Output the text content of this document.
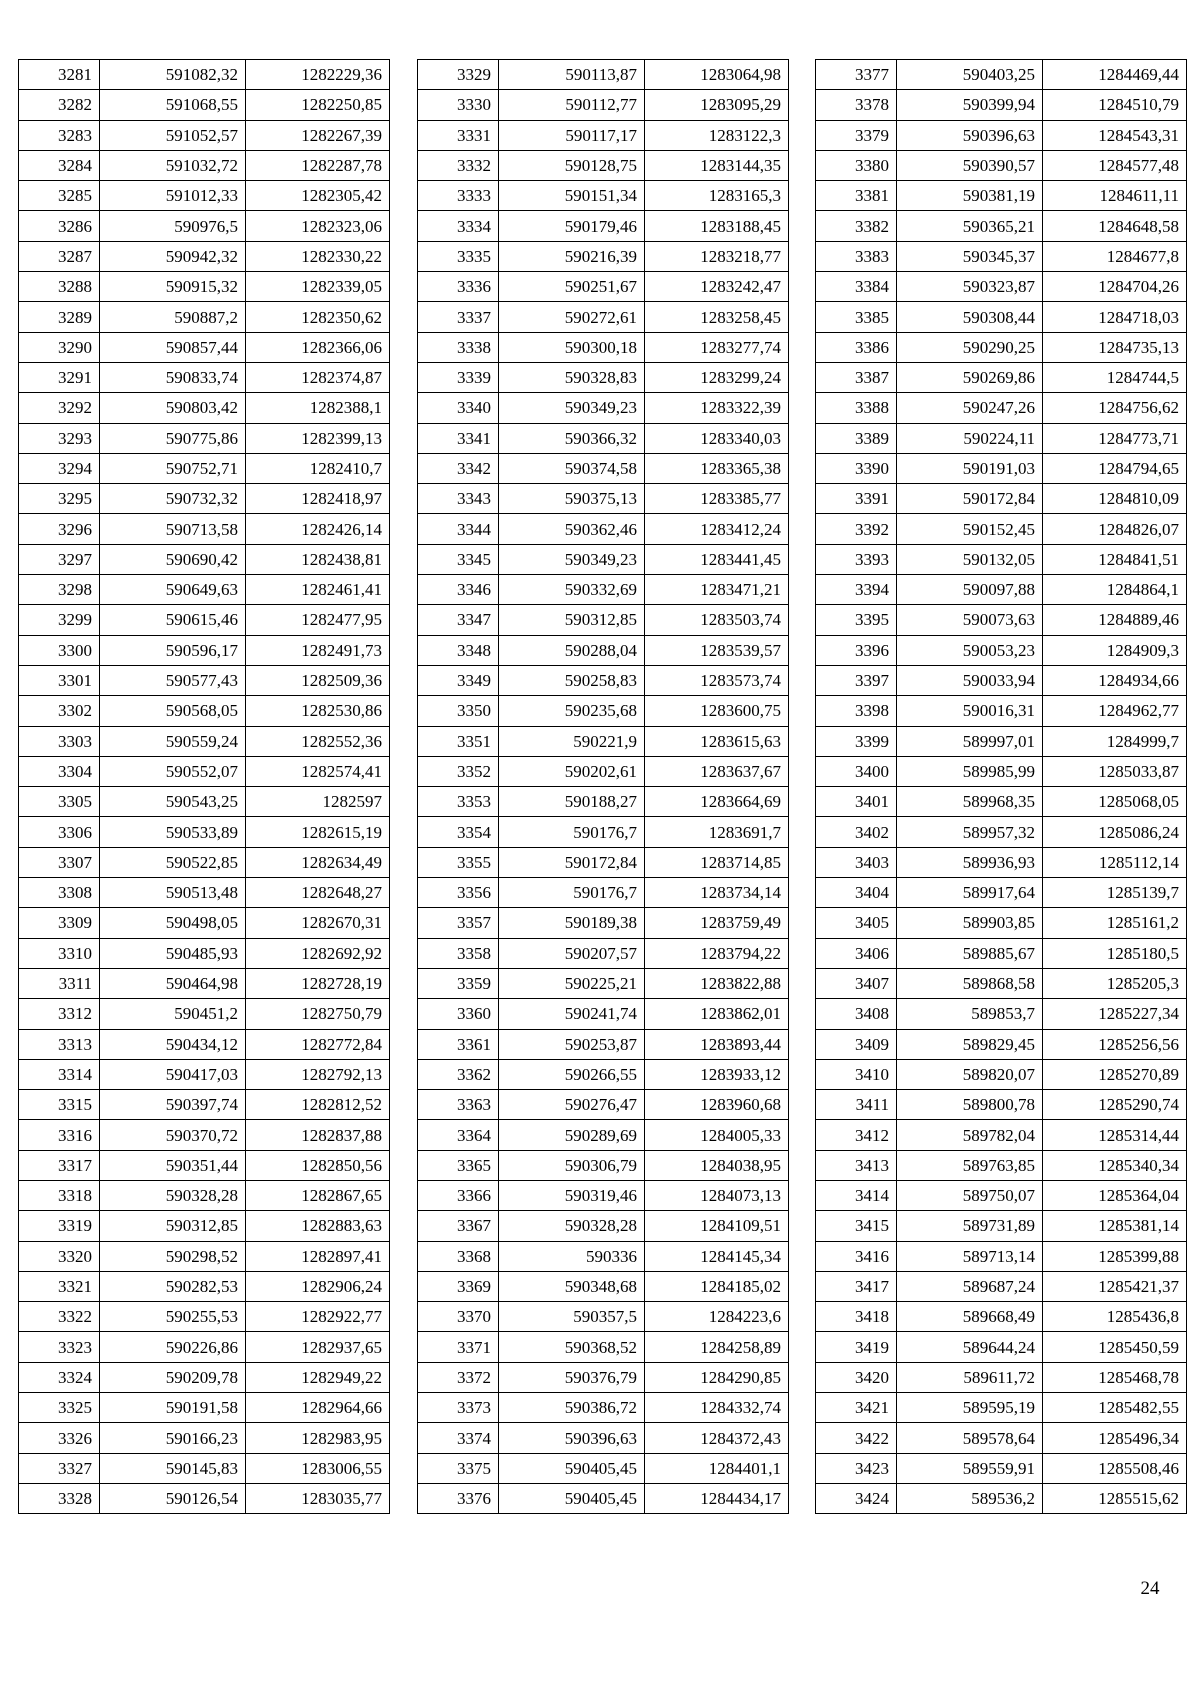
3281	591082,32	1282229,36
3282	591068,55	1282250,85
3283	591052,57	1282267,39
3284	591032,72	1282287,78
3285	591012,33	1282305,42
3286	590976,5	1282323,06
3287	590942,32	1282330,22
3288	590915,32	1282339,05
3289	590887,2	1282350,62
3290	590857,44	1282366,06
3291	590833,74	1282374,87
3292	590803,42	1282388,1
3293	590775,86	1282399,13
3294	590752,71	1282410,7
3295	590732,32	1282418,97
3296	590713,58	1282426,14
3297	590690,42	1282438,81
3298	590649,63	1282461,41
3299	590615,46	1282477,95
3300	590596,17	1282491,73
3301	590577,43	1282509,36
3302	590568,05	1282530,86
3303	590559,24	1282552,36
3304	590552,07	1282574,41
3305	590543,25	1282597
3306	590533,89	1282615,19
3307	590522,85	1282634,49
3308	590513,48	1282648,27
3309	590498,05	1282670,31
3310	590485,93	1282692,92
3311	590464,98	1282728,19
3312	590451,2	1282750,79
3313	590434,12	1282772,84
3314	590417,03	1282792,13
3315	590397,74	1282812,52
3316	590370,72	1282837,88
3317	590351,44	1282850,56
3318	590328,28	1282867,65
3319	590312,85	1282883,63
3320	590298,52	1282897,41
3321	590282,53	1282906,24
3322	590255,53	1282922,77
3323	590226,86	1282937,65
3324	590209,78	1282949,22
3325	590191,58	1282964,66
3326	590166,23	1282983,95
3327	590145,83	1283006,55
3328	590126,54	1283035,77
3329	590113,87	1283064,98
3330	590112,77	1283095,29
3331	590117,17	1283122,3
3332	590128,75	1283144,35
3333	590151,34	1283165,3
3334	590179,46	1283188,45
3335	590216,39	1283218,77
3336	590251,67	1283242,47
3337	590272,61	1283258,45
3338	590300,18	1283277,74
3339	590328,83	1283299,24
3340	590349,23	1283322,39
3341	590366,32	1283340,03
3342	590374,58	1283365,38
3343	590375,13	1283385,77
3344	590362,46	1283412,24
3345	590349,23	1283441,45
3346	590332,69	1283471,21
3347	590312,85	1283503,74
3348	590288,04	1283539,57
3349	590258,83	1283573,74
3350	590235,68	1283600,75
3351	590221,9	1283615,63
3352	590202,61	1283637,67
3353	590188,27	1283664,69
3354	590176,7	1283691,7
3355	590172,84	1283714,85
3356	590176,7	1283734,14
3357	590189,38	1283759,49
3358	590207,57	1283794,22
3359	590225,21	1283822,88
3360	590241,74	1283862,01
3361	590253,87	1283893,44
3362	590266,55	1283933,12
3363	590276,47	1283960,68
3364	590289,69	1284005,33
3365	590306,79	1284038,95
3366	590319,46	1284073,13
3367	590328,28	1284109,51
3368	590336	1284145,34
3369	590348,68	1284185,02
3370	590357,5	1284223,6
3371	590368,52	1284258,89
3372	590376,79	1284290,85
3373	590386,72	1284332,74
3374	590396,63	1284372,43
3375	590405,45	1284401,1
3376	590405,45	1284434,17
3377	590403,25	1284469,44
3378	590399,94	1284510,79
3379	590396,63	1284543,31
3380	590390,57	1284577,48
3381	590381,19	1284611,11
3382	590365,21	1284648,58
3383	590345,37	1284677,8
3384	590323,87	1284704,26
3385	590308,44	1284718,03
3386	590290,25	1284735,13
3387	590269,86	1284744,5
3388	590247,26	1284756,62
3389	590224,11	1284773,71
3390	590191,03	1284794,65
3391	590172,84	1284810,09
3392	590152,45	1284826,07
3393	590132,05	1284841,51
3394	590097,88	1284864,1
3395	590073,63	1284889,46
3396	590053,23	1284909,3
3397	590033,94	1284934,66
3398	590016,31	1284962,77
3399	589997,01	1284999,7
3400	589985,99	1285033,87
3401	589968,35	1285068,05
3402	589957,32	1285086,24
3403	589936,93	1285112,14
3404	589917,64	1285139,7
3405	589903,85	1285161,2
3406	589885,67	1285180,5
3407	589868,58	1285205,3
3408	589853,7	1285227,34
3409	589829,45	1285256,56
3410	589820,07	1285270,89
3411	589800,78	1285290,74
3412	589782,04	1285314,44
3413	589763,85	1285340,34
3414	589750,07	1285364,04
3415	589731,89	1285381,14
3416	589713,14	1285399,88
3417	589687,24	1285421,37
3418	589668,49	1285436,8
3419	589644,24	1285450,59
3420	589611,72	1285468,78
3421	589595,19	1285482,55
3422	589578,64	1285496,34
3423	589559,91	1285508,46
3424	589536,2	1285515,62
24
